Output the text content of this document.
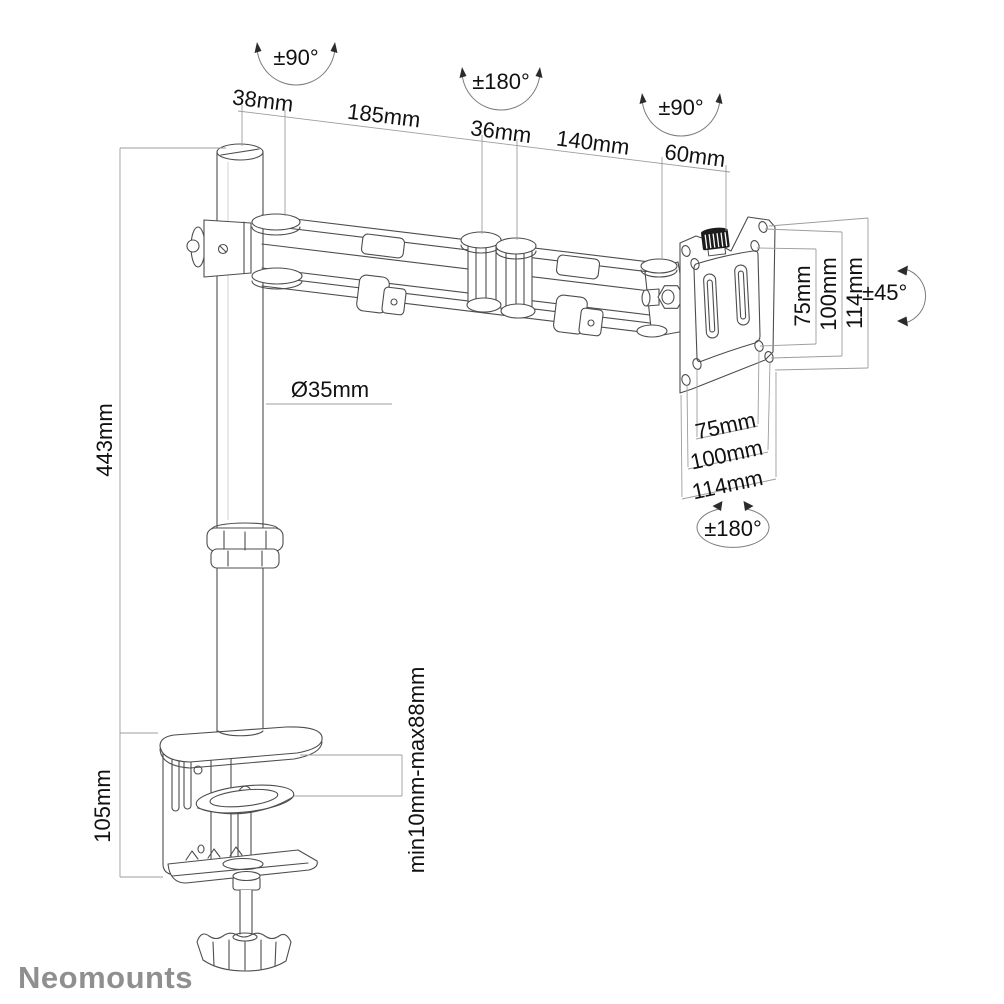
38mm 185mm 36mm 140mm 60mm
443mm
Ø35mm
105mm	min10mm-max88mm
75mm 100mm 114mm
75mm
100mm
114mm
±90°
±180°
±90°
±45°
±180°
Neomounts
